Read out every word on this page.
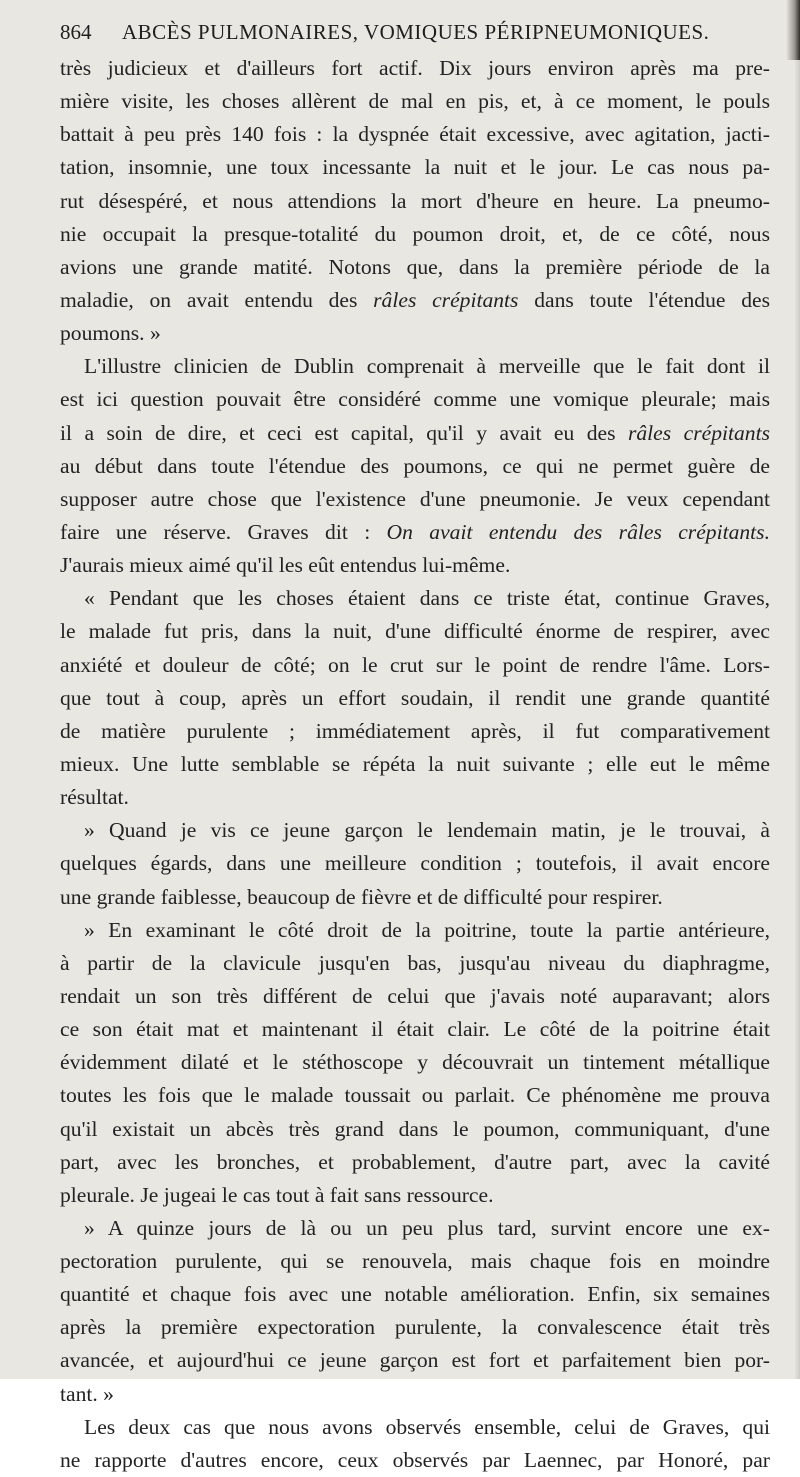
864 ABCÈS PULMONAIRES, VOMIQUES PÉRIPNEUMONIQUES.
très judicieux et d'ailleurs fort actif. Dix jours environ après ma pre-
mière visite, les choses allèrent de mal en pis, et, à ce moment, le pouls
battait à peu près 140 fois : la dyspnée était excessive, avec agitation, jacti-
tation, insomnie, une toux incessante la nuit et le jour. Le cas nous pa-
rut désespéré, et nous attendions la mort d'heure en heure. La pneumo-
nie occupait la presque-totalité du poumon droit, et, de ce côté, nous
avions une grande matité. Notons que, dans la première période de la
maladie, on avait entendu des râles crépitants dans toute l'étendue des
poumons. »
L'illustre clinicien de Dublin comprenait à merveille que le fait dont il
est ici question pouvait être considéré comme une vomique pleurale; mais
il a soin de dire, et ceci est capital, qu'il y avait eu des râles crépitants
au début dans toute l'étendue des poumons, ce qui ne permet guère de
supposer autre chose que l'existence d'une pneumonie. Je veux cependant
faire une réserve. Graves dit : On avait entendu des râles crépitants.
J'aurais mieux aimé qu'il les eût entendus lui-même.
« Pendant que les choses étaient dans ce triste état, continue Graves,
le malade fut pris, dans la nuit, d'une difficulté énorme de respirer, avec
anxiété et douleur de côté; on le crut sur le point de rendre l'âme. Lors-
que tout à coup, après un effort soudain, il rendit une grande quantité
de matière purulente ; immédiatement après, il fut comparativement
mieux. Une lutte semblable se répéta la nuit suivante ; elle eut le même
résultat.
» Quand je vis ce jeune garçon le lendemain matin, je le trouvai, à
quelques égards, dans une meilleure condition ; toutefois, il avait encore
une grande faiblesse, beaucoup de fièvre et de difficulté pour respirer.
» En examinant le côté droit de la poitrine, toute la partie antérieure,
à partir de la clavicule jusqu'en bas, jusqu'au niveau du diaphragme,
rendait un son très différent de celui que j'avais noté auparavant; alors
ce son était mat et maintenant il était clair. Le côté de la poitrine était
évidemment dilaté et le stéthoscope y découvrait un tintement métallique
toutes les fois que le malade toussait ou parlait. Ce phénomène me prouva
qu'il existait un abcès très grand dans le poumon, communiquant, d'une
part, avec les bronches, et probablement, d'autre part, avec la cavité
pleurale. Je jugeai le cas tout à fait sans ressource.
» A quinze jours de là ou un peu plus tard, survint encore une ex-
pectoration purulente, qui se renouvela, mais chaque fois en moindre
quantité et chaque fois avec une notable amélioration. Enfin, six semaines
après la première expectoration purulente, la convalescence était très
avancée, et aujourd'hui ce jeune garçon est fort et parfaitement bien por-
tant. »
Les deux cas que nous avons observés ensemble, celui de Graves, qui
ne rapporte d'autres encore, ceux observés par Laennec, par Honoré, par
